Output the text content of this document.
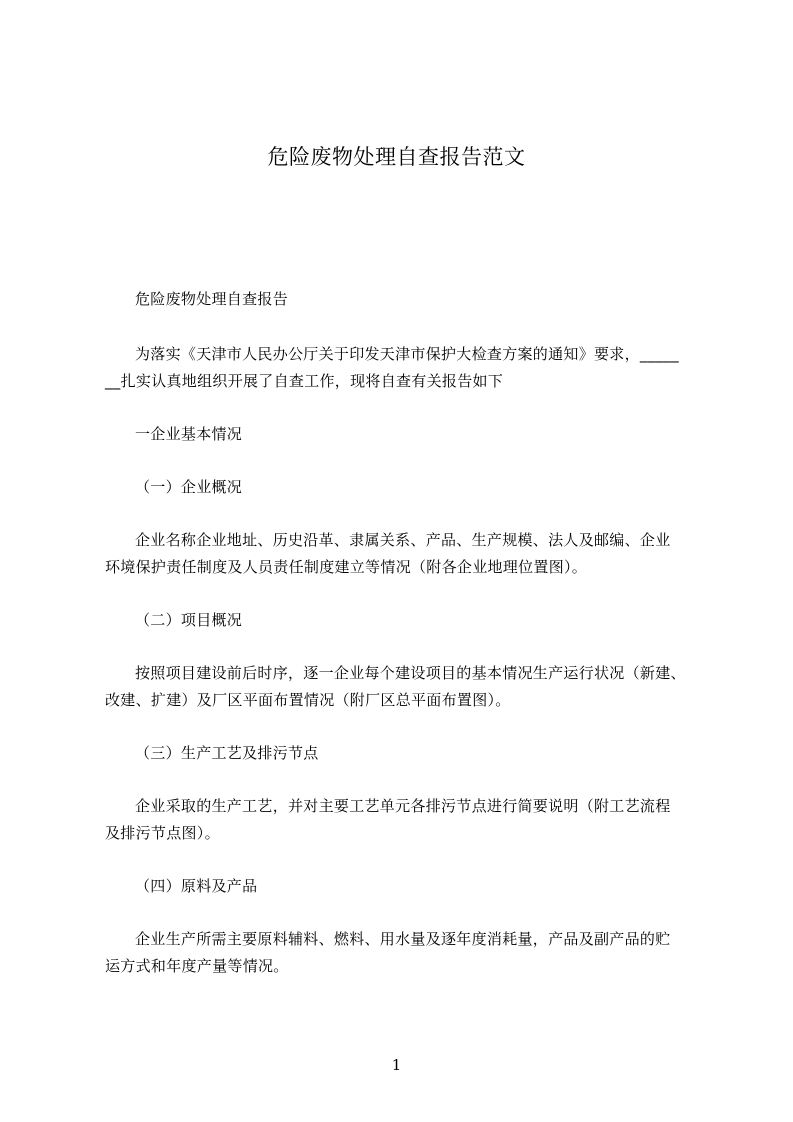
危险废物处理自查报告范文
危险废物处理自查报告
为落实《天津市人民办公厅关于印发天津市保护大检查方案的通知》要求，_____
__扎实认真地组织开展了自查工作，现将自查有关报告如下
一企业基本情况
（一）企业概况
企业名称企业地址、历史沿革、隶属关系、产品、生产规模、法人及邮编、企业
环境保护责任制度及人员责任制度建立等情况（附各企业地理位置图）。
（二）项目概况
按照项目建设前后时序，逐一企业每个建设项目的基本情况生产运行状况（新建、
改建、扩建）及厂区平面布置情况（附厂区总平面布置图）。
（三）生产工艺及排污节点
企业采取的生产工艺，并对主要工艺单元各排污节点进行简要说明（附工艺流程
及排污节点图）。
（四）原料及产品
企业生产所需主要原料辅料、燃料、用水量及逐年度消耗量，产品及副产品的贮
运方式和年度产量等情况。
1
